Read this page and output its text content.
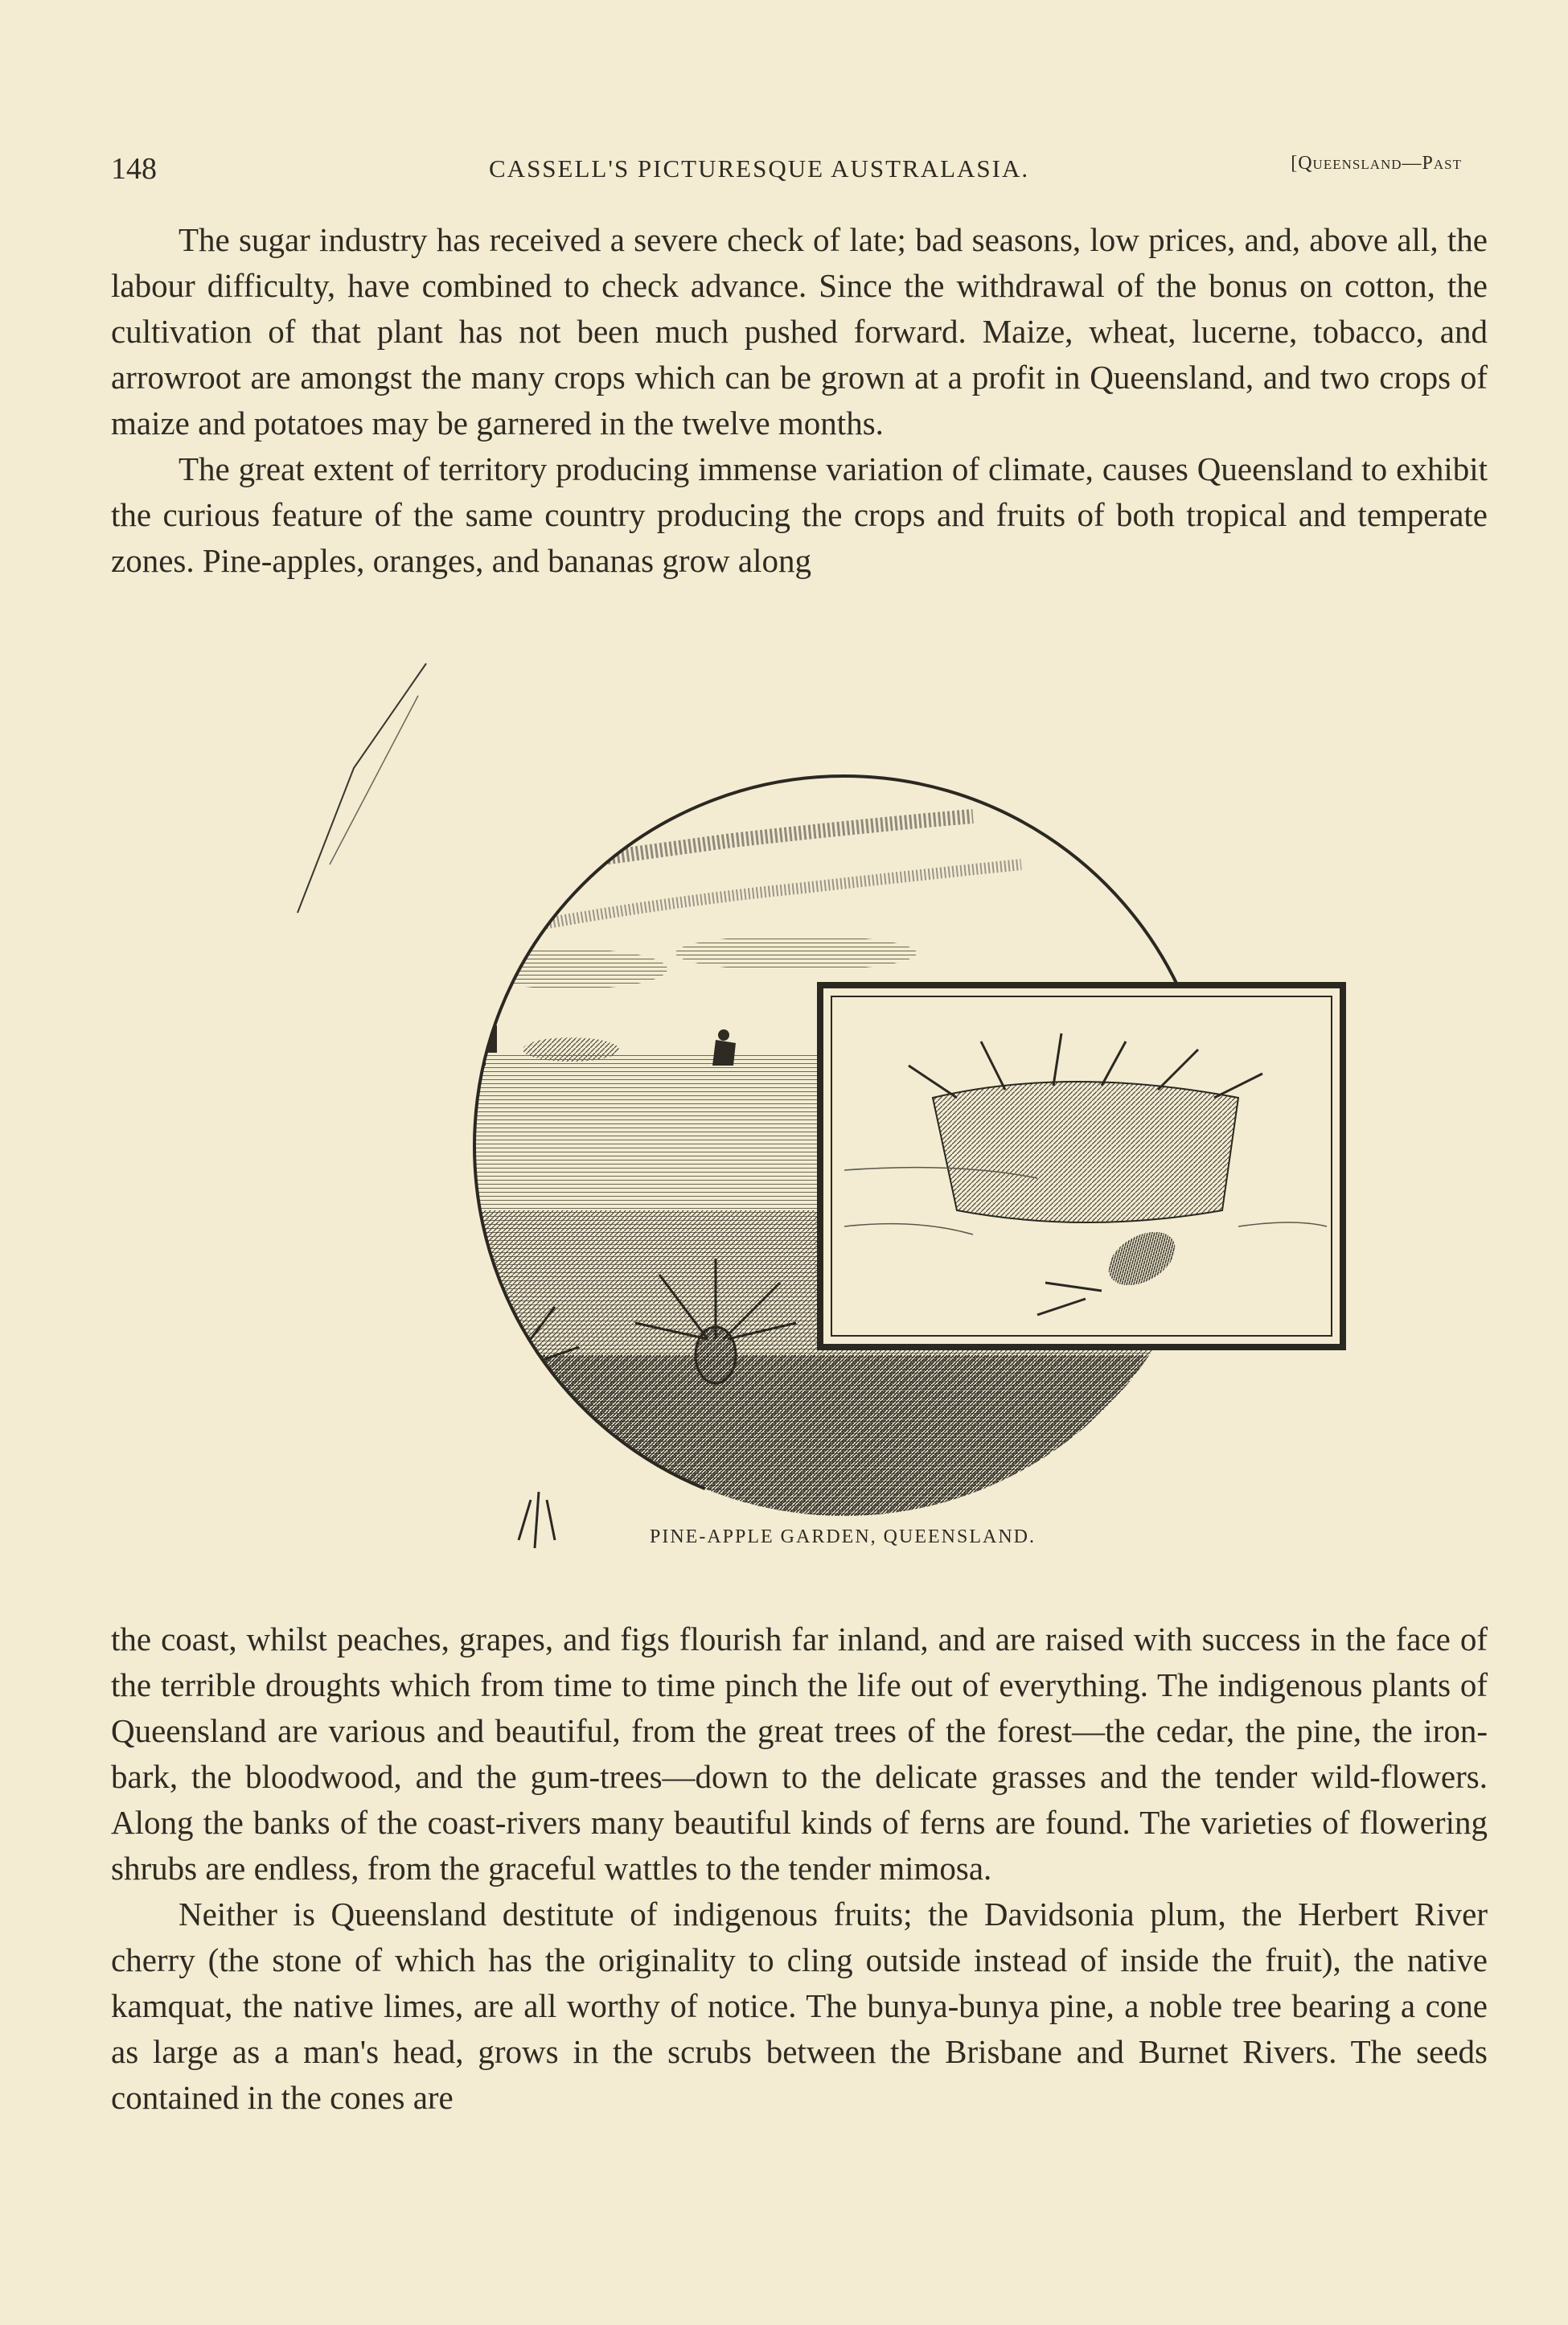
148	CASSELL'S PICTURESQUE AUSTRALASIA.	[Queensland—Past

The sugar industry has received a severe check of late; bad seasons, low prices, and, above all, the labour difficulty, have combined to check advance. Since the withdrawal of the bonus on cotton, the cultivation of that plant has not been much pushed forward. Maize, wheat, lucerne, tobacco, and arrowroot are amongst the many crops which can be grown at a profit in Queensland, and two crops of maize and potatoes may be garnered in the twelve months.

The great extent of territory producing immense variation of climate, causes Queensland to exhibit the curious feature of the same country producing the crops and fruits of both tropical and temperate zones. Pine-apples, oranges, and bananas grow along

PINE-APPLE GARDEN, QUEENSLAND.

the coast, whilst peaches, grapes, and figs flourish far inland, and are raised with success in the face of the terrible droughts which from time to time pinch the life out of everything. The indigenous plants of Queensland are various and beautiful, from the great trees of the forest—the cedar, the pine, the iron-bark, the bloodwood, and the gum-trees—down to the delicate grasses and the tender wild-flowers. Along the banks of the coast-rivers many beautiful kinds of ferns are found. The varieties of flowering shrubs are endless, from the graceful wattles to the tender mimosa.

Neither is Queensland destitute of indigenous fruits; the Davidsonia plum, the Herbert River cherry (the stone of which has the originality to cling outside instead of inside the fruit), the native kamquat, the native limes, are all worthy of notice. The bunya-bunya pine, a noble tree bearing a cone as large as a man's head, grows in the scrubs between the Brisbane and Burnet Rivers. The seeds contained in the cones are
